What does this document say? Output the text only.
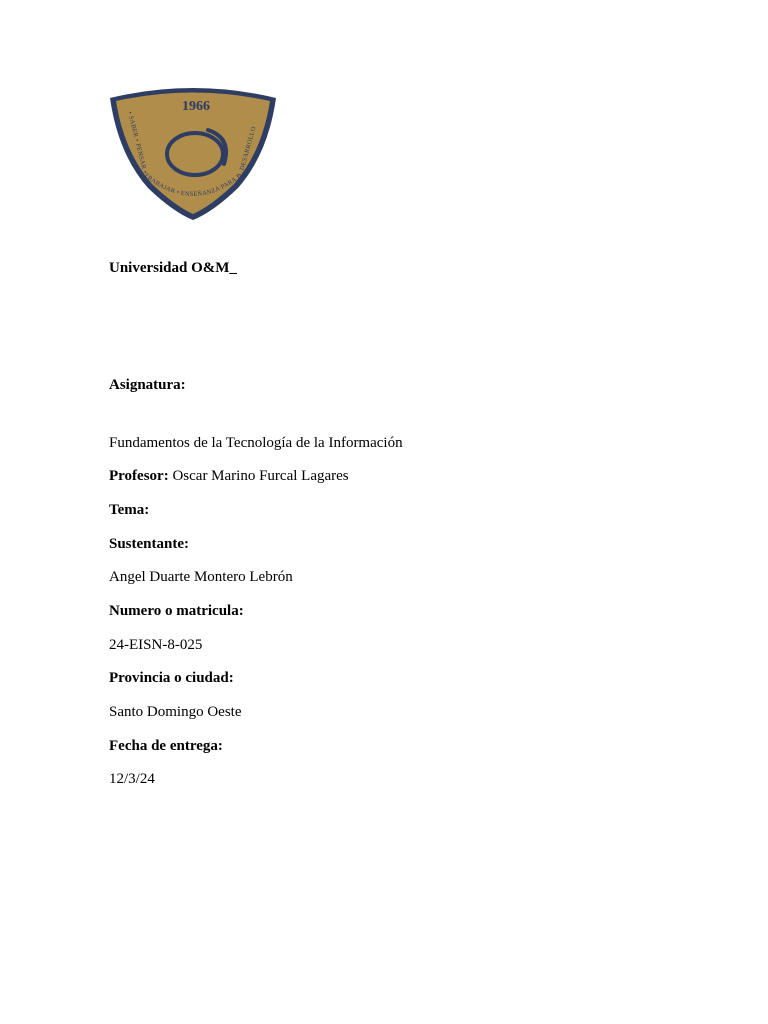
1966
• SABER • PENSAR • TRABAJAR • ENSEÑANZA PARA EL DESARROLLO
Universidad O&M_
Asignatura:
Fundamentos de la Tecnología de la Información
Profesor: Oscar Marino Furcal Lagares
Tema:
Sustentante:
Angel Duarte Montero Lebrón
Numero o matricula:
24-EISN-8-025
Provincia o ciudad:
Santo Domingo Oeste
Fecha de entrega:
12/3/24
